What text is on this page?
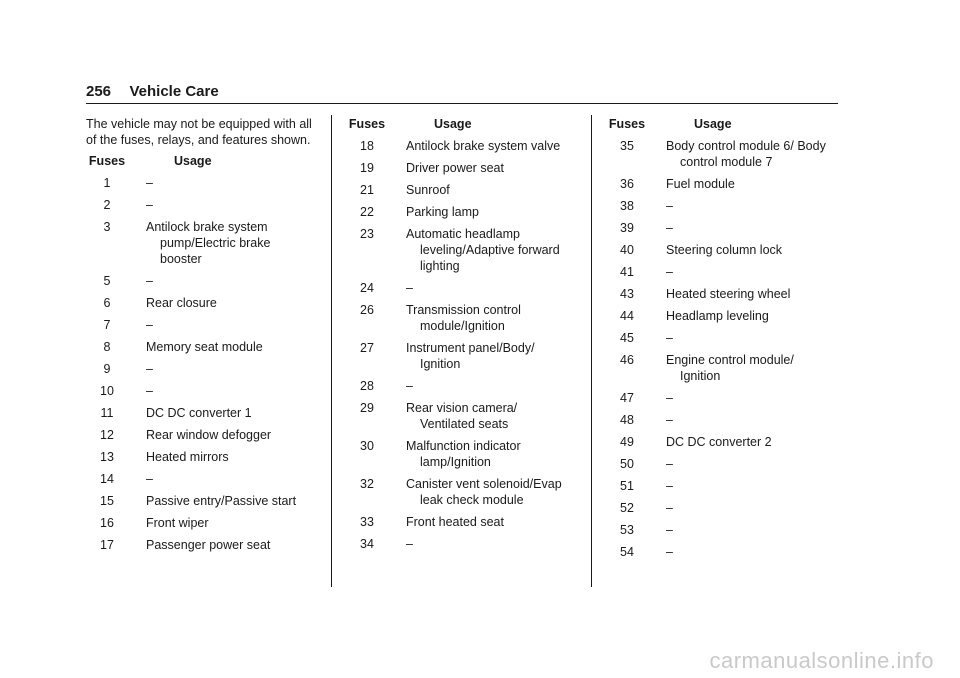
256 Vehicle Care

The vehicle may not be equipped with all of the fuses, relays, and features shown.

Fuses	Usage
1	–

2	–

3	Antilock brake system pump/Electric brake booster

5	–

6	Rear closure

7	–

8	Memory seat module

9	–

10	–

11	DC DC converter 1

12	Rear window defogger

13	Heated mirrors

14	–

15	Passive entry/Passive start

16	Front wiper

17	Passenger power seat
Fuses	Usage
18	Antilock brake system valve

19	Driver power seat

21	Sunroof

22	Parking lamp

23	Automatic headlamp leveling/Adaptive forward lighting

24	–

26	Transmission control module/Ignition

27	Instrument panel/Body/ Ignition

28	–

29	Rear vision camera/ Ventilated seats

30	Malfunction indicator lamp/Ignition

32	Canister vent solenoid/Evap leak check module

33	Front heated seat

34	–
Fuses	Usage
35	Body control module 6/ Body control module 7

36	Fuel module

38	–

39	–

40	Steering column lock

41	–

43	Heated steering wheel

44	Headlamp leveling

45	–

46	Engine control module/ Ignition

47	–

48	–

49	DC DC converter 2

50	–

51	–

52	–

53	–

54	–
carmanualsonline.info
